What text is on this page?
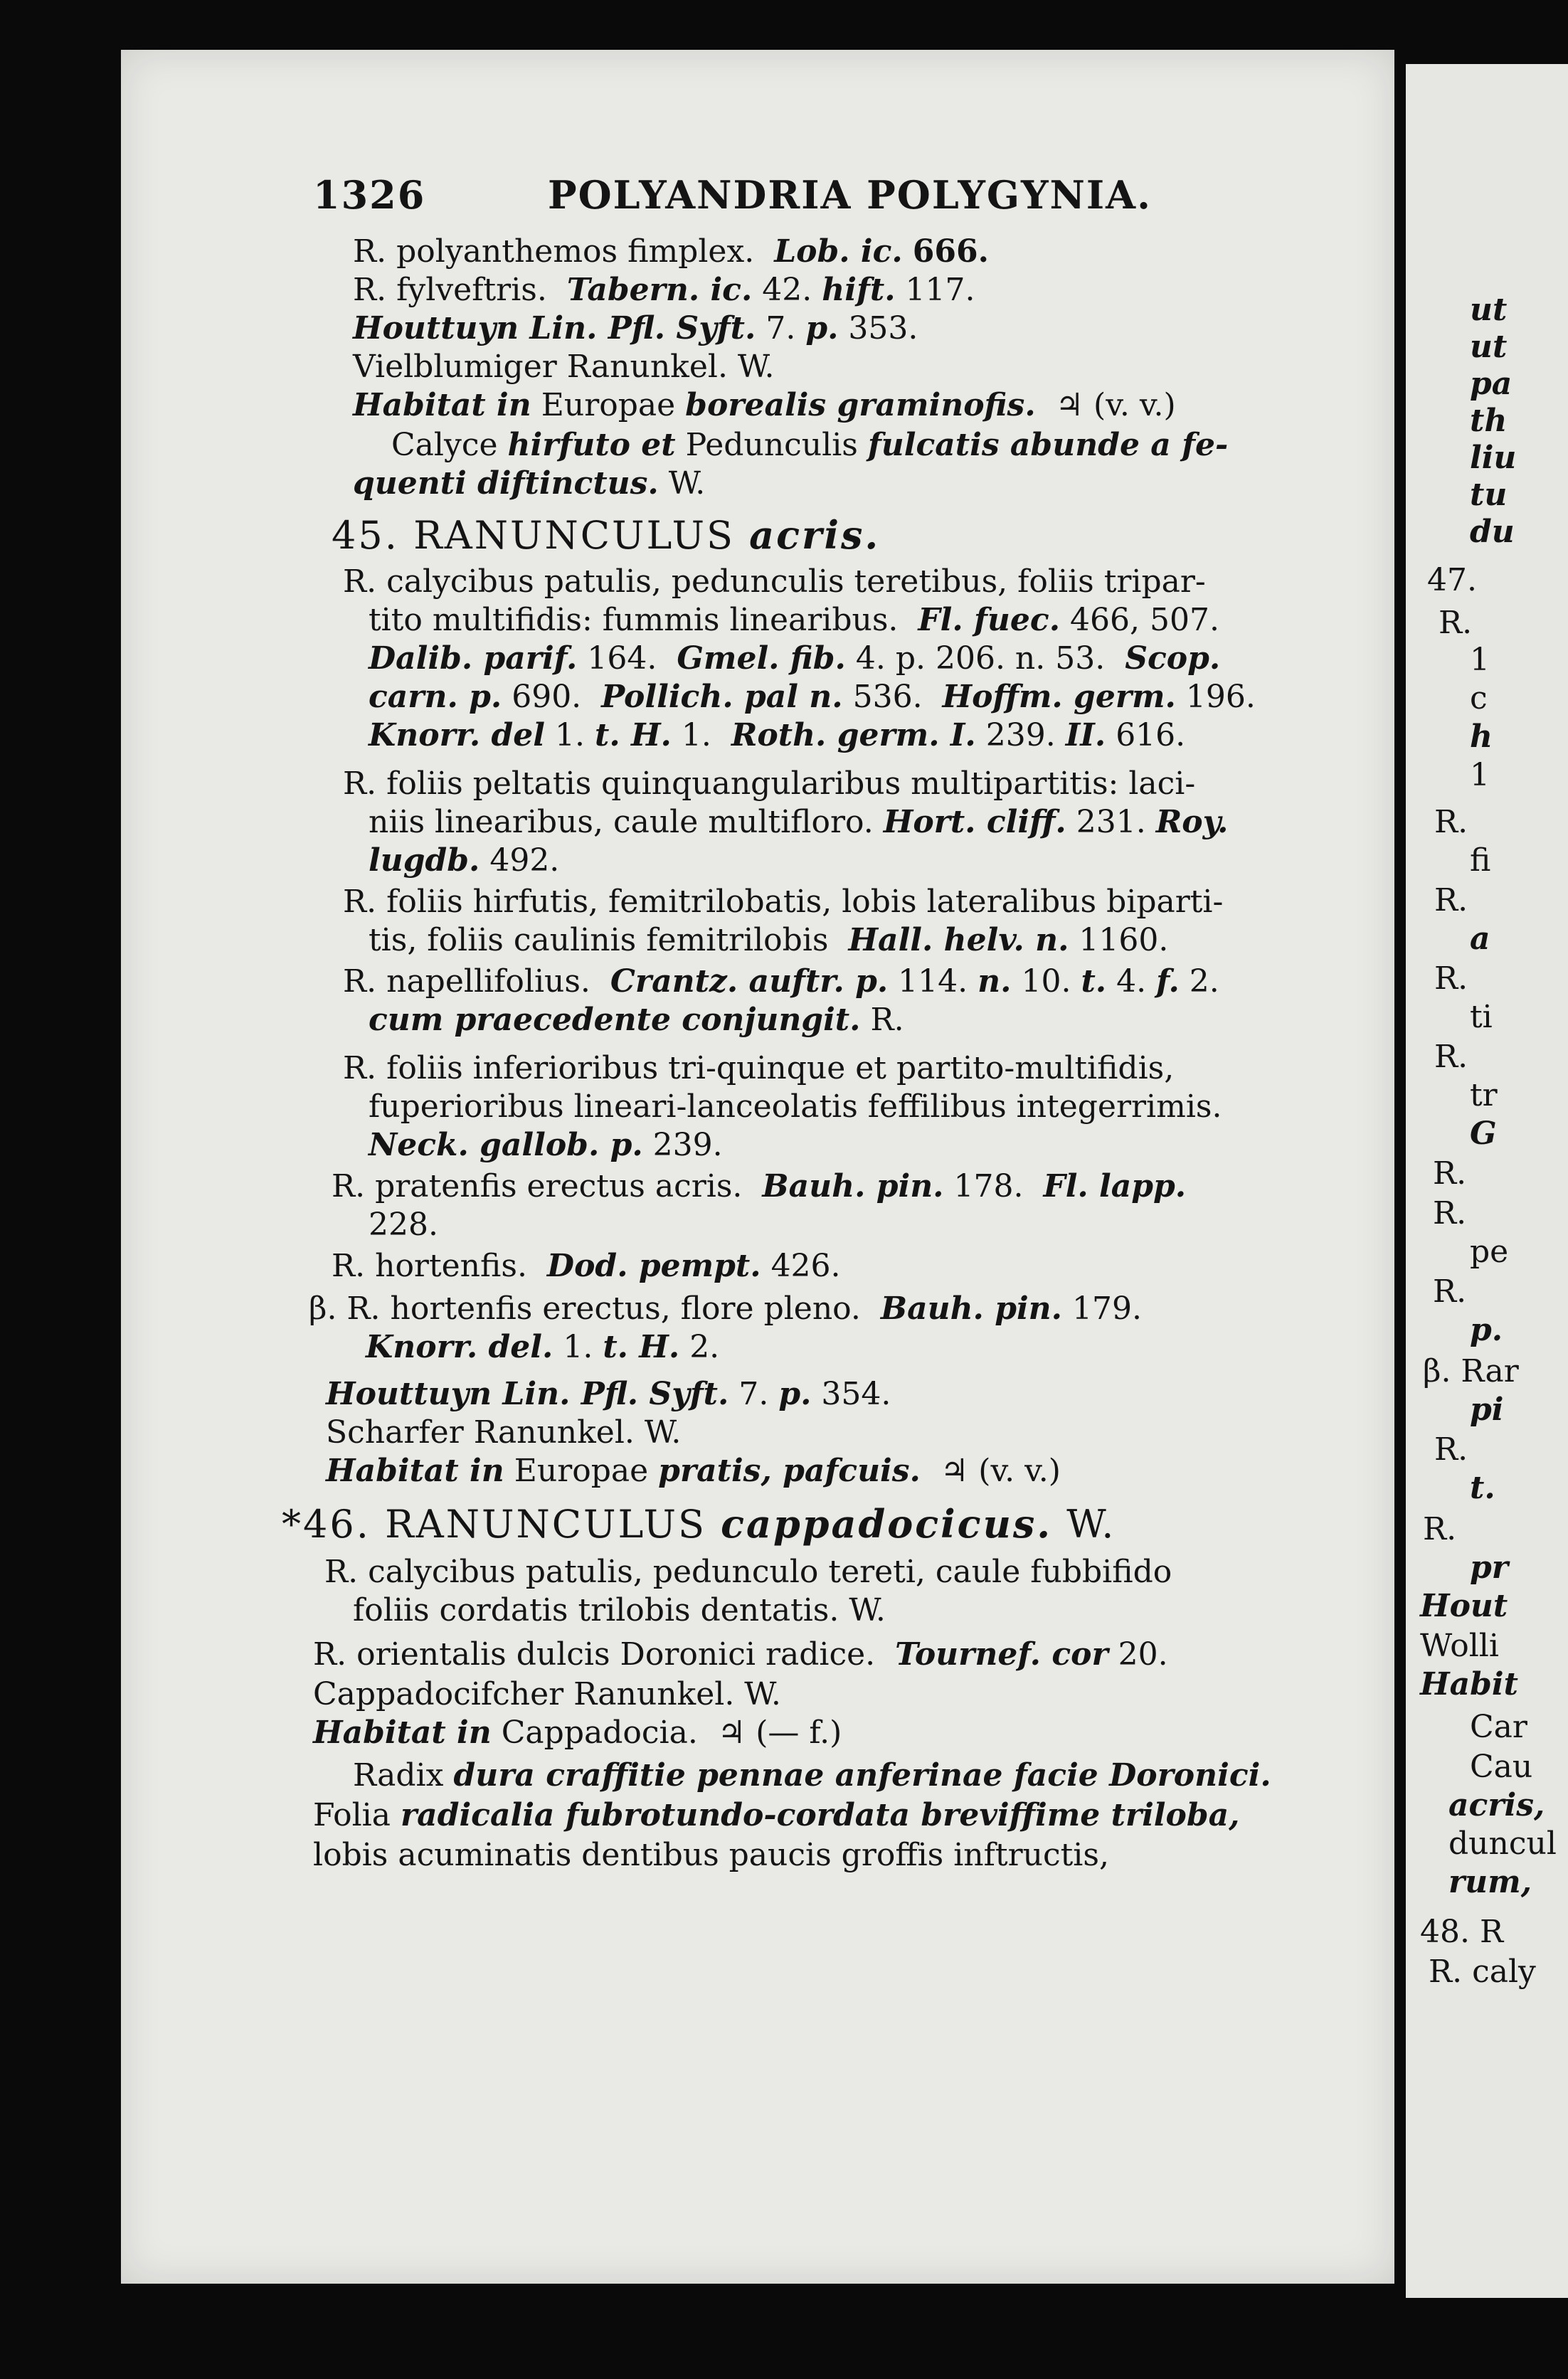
1326	POLYANDRIA POLYGYNIA.
R. polyanthemos fimplex. Lob. ic. 666.
R. fylveftris. Tabern. ic. 42. hift. 117.
Houttuyn Lin. Pfl. Syft. 7. p. 353.
Vielblumiger Ranunkel. W.
Habitat in Europae borealis graminofis. ♃ (v. v.)
Calyce hirfuto et Pedunculis fulcatis abunde a fe-
quenti diftinctus. W.
45. RANUNCULUS acris.
R. calycibus patulis, pedunculis teretibus, foliis tripar-
tito multifidis: fummis linearibus. Fl. fuec. 466, 507.
Dalib. parif. 164. Gmel. fib. 4. p. 206. n. 53. Scop.
carn. p. 690. Pollich. pal n. 536. Hoffm. germ. 196.
Knorr. del 1. t. H. 1. Roth. germ. I. 239. II. 616.
R. foliis peltatis quinquangularibus multipartitis: laci-
niis linearibus, caule multifloro. Hort. cliff. 231. Roy.
lugdb. 492.
R. foliis hirfutis, femitrilobatis, lobis lateralibus biparti-
tis, foliis caulinis femitrilobis Hall. helv. n. 1160.
R. napellifolius. Crantz. auftr. p. 114. n. 10. t. 4. f. 2.
cum praecedente conjungit. R.
R. foliis inferioribus tri-quinque et partito-multifidis,
fuperioribus lineari-lanceolatis feffilibus integerrimis.
Neck. gallob. p. 239.
R. pratenfis erectus acris. Bauh. pin. 178. Fl. lapp.
228.
R. hortenfis. Dod. pempt. 426.
β. R. hortenfis erectus, flore pleno. Bauh. pin. 179.
Knorr. del. 1. t. H. 2.
Houttuyn Lin. Pfl. Syft. 7. p. 354.
Scharfer Ranunkel. W.
Habitat in Europae pratis, pafcuis. ♃ (v. v.)
*46. RANUNCULUS cappadocicus. W.
R. calycibus patulis, pedunculo tereti, caule fubbifido
foliis cordatis trilobis dentatis. W.
R. orientalis dulcis Doronici radice. Tournef. cor 20.
Cappadocifcher Ranunkel. W.
Habitat in Cappadocia. ♃ (— f.)
Radix dura craffitie pennae anferinae facie Doronici.
Folia radicalia fubrotundo-cordata breviffime triloba,
lobis acuminatis dentibus paucis groffis inftructis,
ut
ut
pa
th
liu
tu
du
47.
R.
1
c
h
1
R.
fi
R.
a
R.
ti
R.
tr
G
R.
R.
pe
R.
p.
β. Rar
pi
R.
t.
R.
pr
Hout
Wolli
Habit
Car
Cau
acris,
duncul
rum,
48. R
R. caly
